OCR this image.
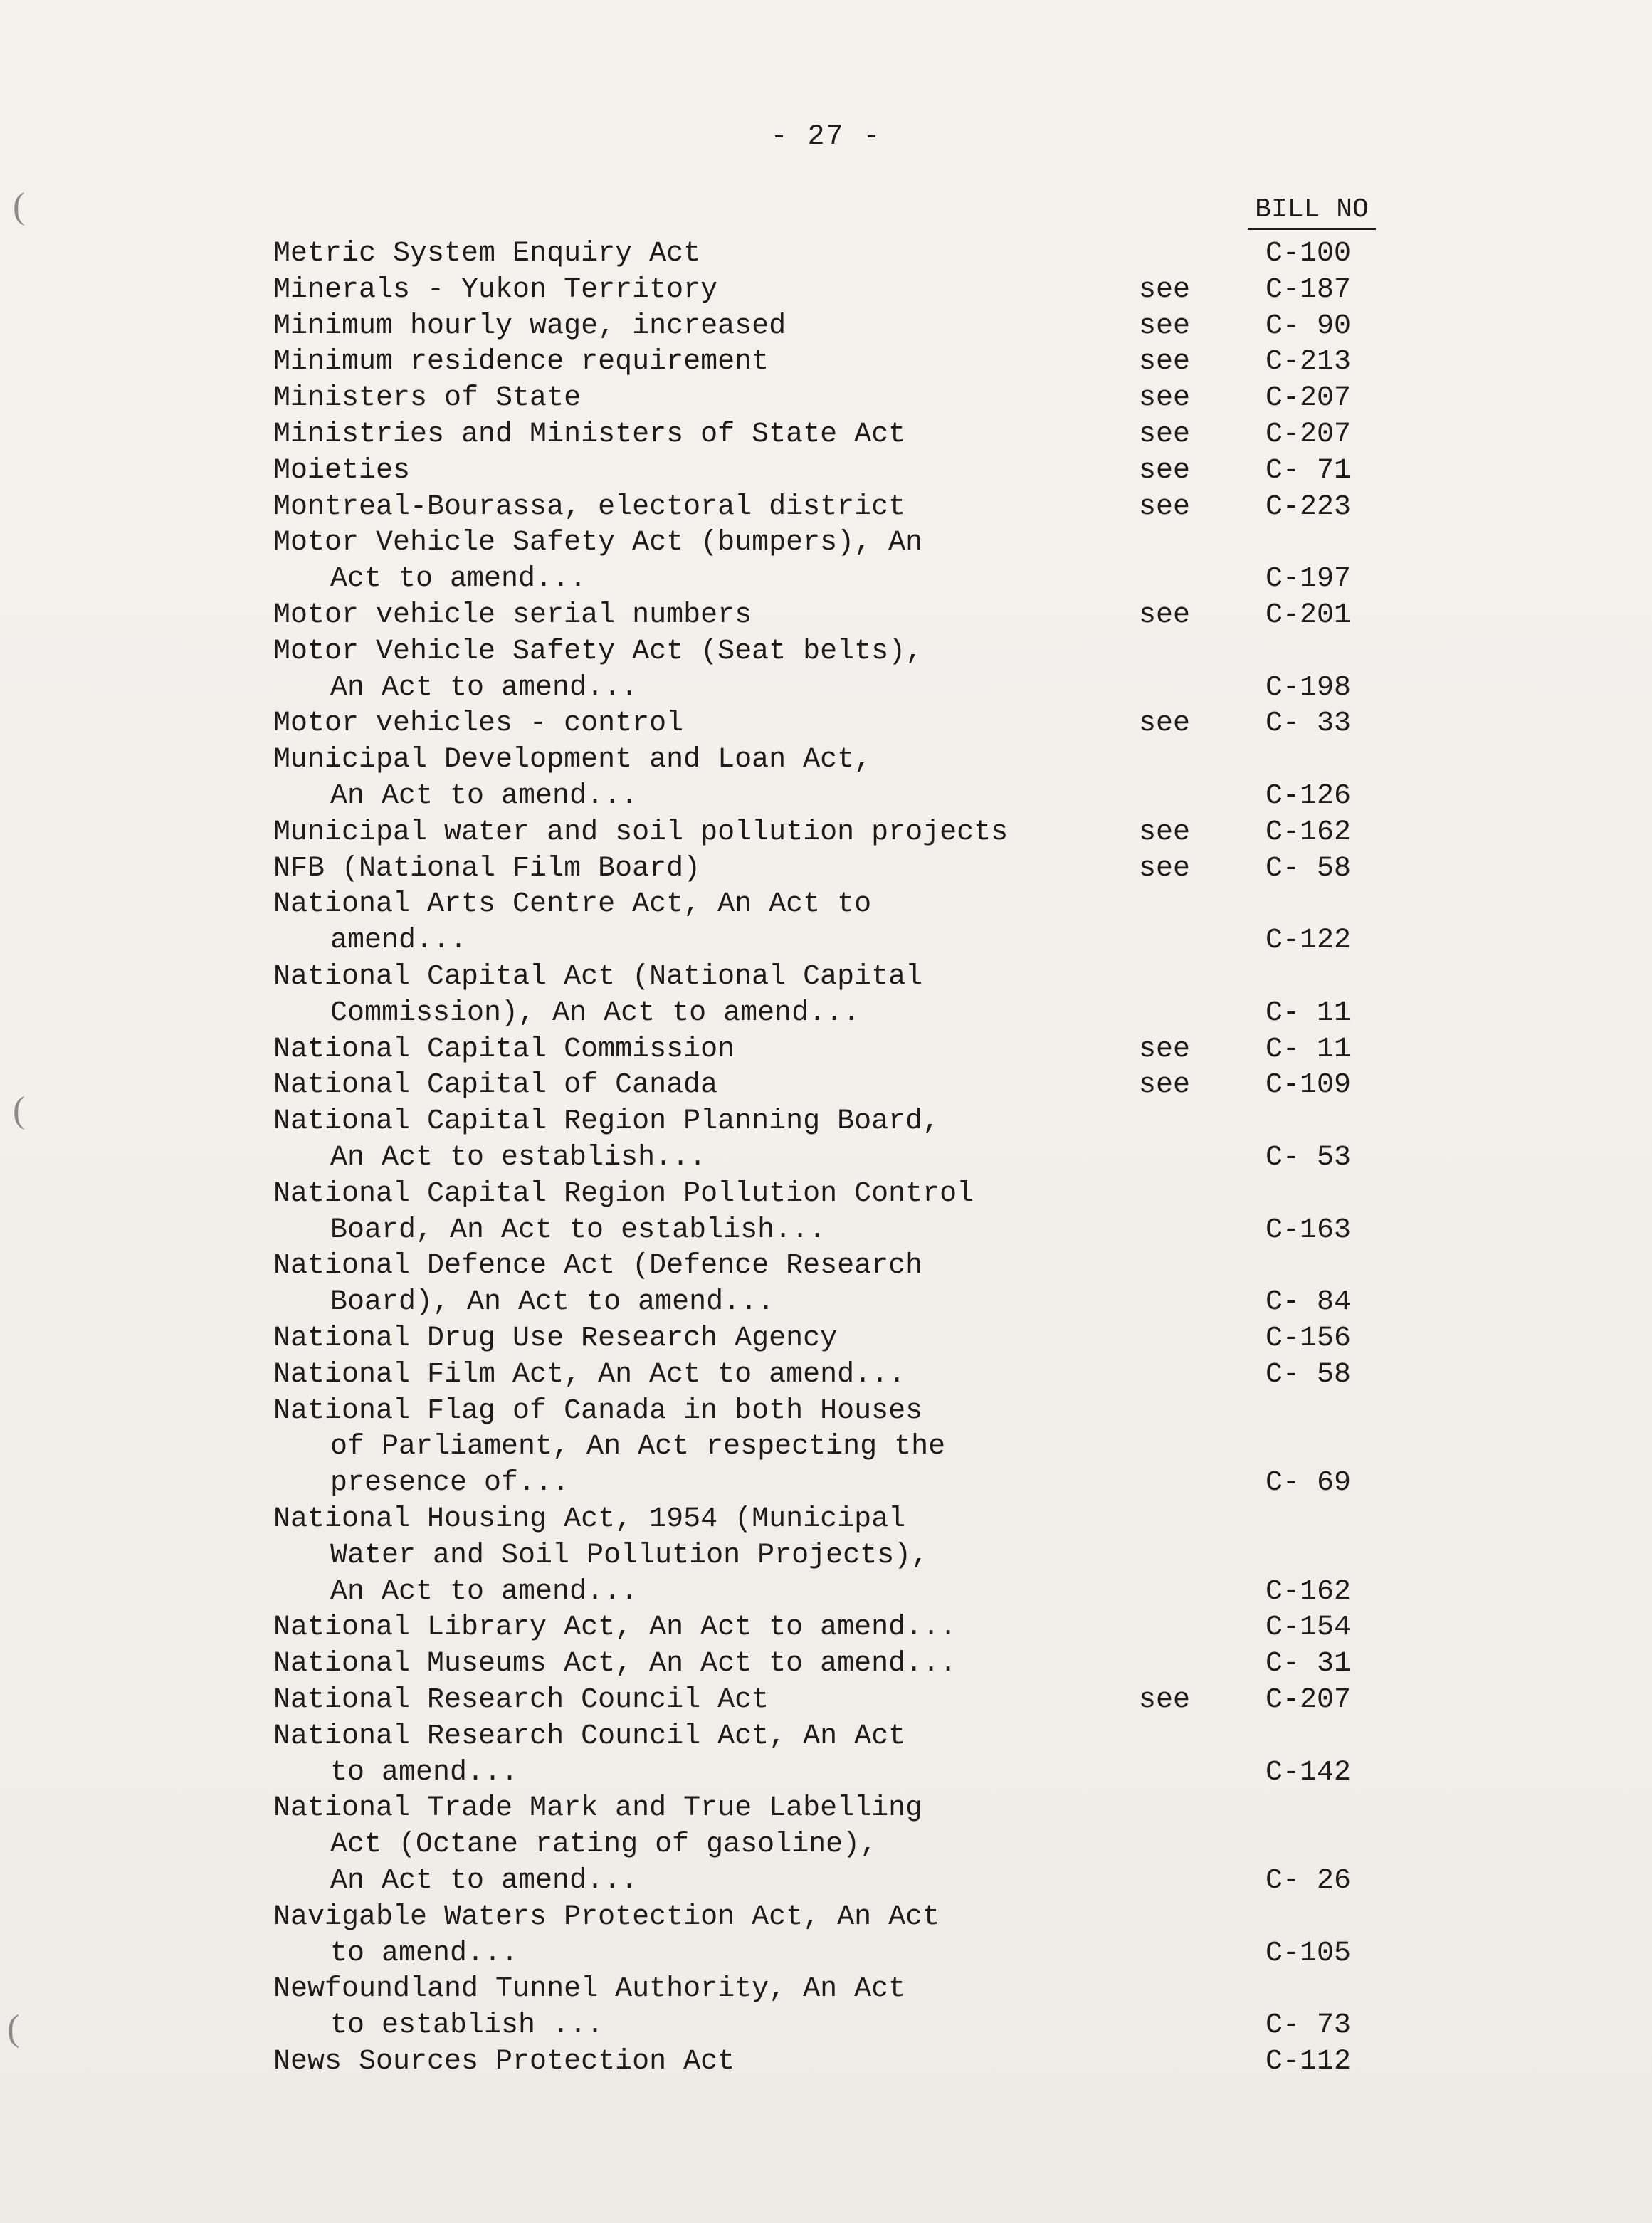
- 27 -
BILL NO
Metric System Enquiry Act	C-100
Minerals - Yukon Territory	see	C-187
Minimum hourly wage, increased	see	C- 90
Minimum residence requirement	see	C-213
Ministers of State	see	C-207
Ministries and Ministers of State Act	see	C-207
Moieties	see	C- 71
Montreal-Bourassa, electoral district	see	C-223
Motor Vehicle Safety Act (bumpers), An
Act to amend...	C-197
Motor vehicle serial numbers	see	C-201
Motor Vehicle Safety Act (Seat belts),
An Act to amend...	C-198
Motor vehicles - control	see	C- 33
Municipal Development and Loan Act,
An Act to amend...	C-126
Municipal water and soil pollution projects	see	C-162
NFB (National Film Board)	see	C- 58
National Arts Centre Act, An Act to
amend...	C-122
National Capital Act (National Capital
Commission), An Act to amend...	C- 11
National Capital Commission	see	C- 11
National Capital of Canada	see	C-109
National Capital Region Planning Board,
An Act to establish...	C- 53
National Capital Region Pollution Control
Board, An Act to establish...	C-163
National Defence Act (Defence Research
Board), An Act to amend...	C- 84
National Drug Use Research Agency	C-156
National Film Act, An Act to amend...	C- 58
National Flag of Canada in both Houses
of Parliament, An Act respecting the
presence of...	C- 69
National Housing Act, 1954 (Municipal
Water and Soil Pollution Projects),
An Act to amend...	C-162
National Library Act, An Act to amend...	C-154
National Museums Act, An Act to amend...	C- 31
National Research Council Act	see	C-207
National Research Council Act, An Act
to amend...	C-142
National Trade Mark and True Labelling
Act (Octane rating of gasoline),
An Act to amend...	C- 26
Navigable Waters Protection Act, An Act
to amend...	C-105
Newfoundland Tunnel Authority, An Act
to establish ...	C- 73
News Sources Protection Act	C-112
(
(
(
